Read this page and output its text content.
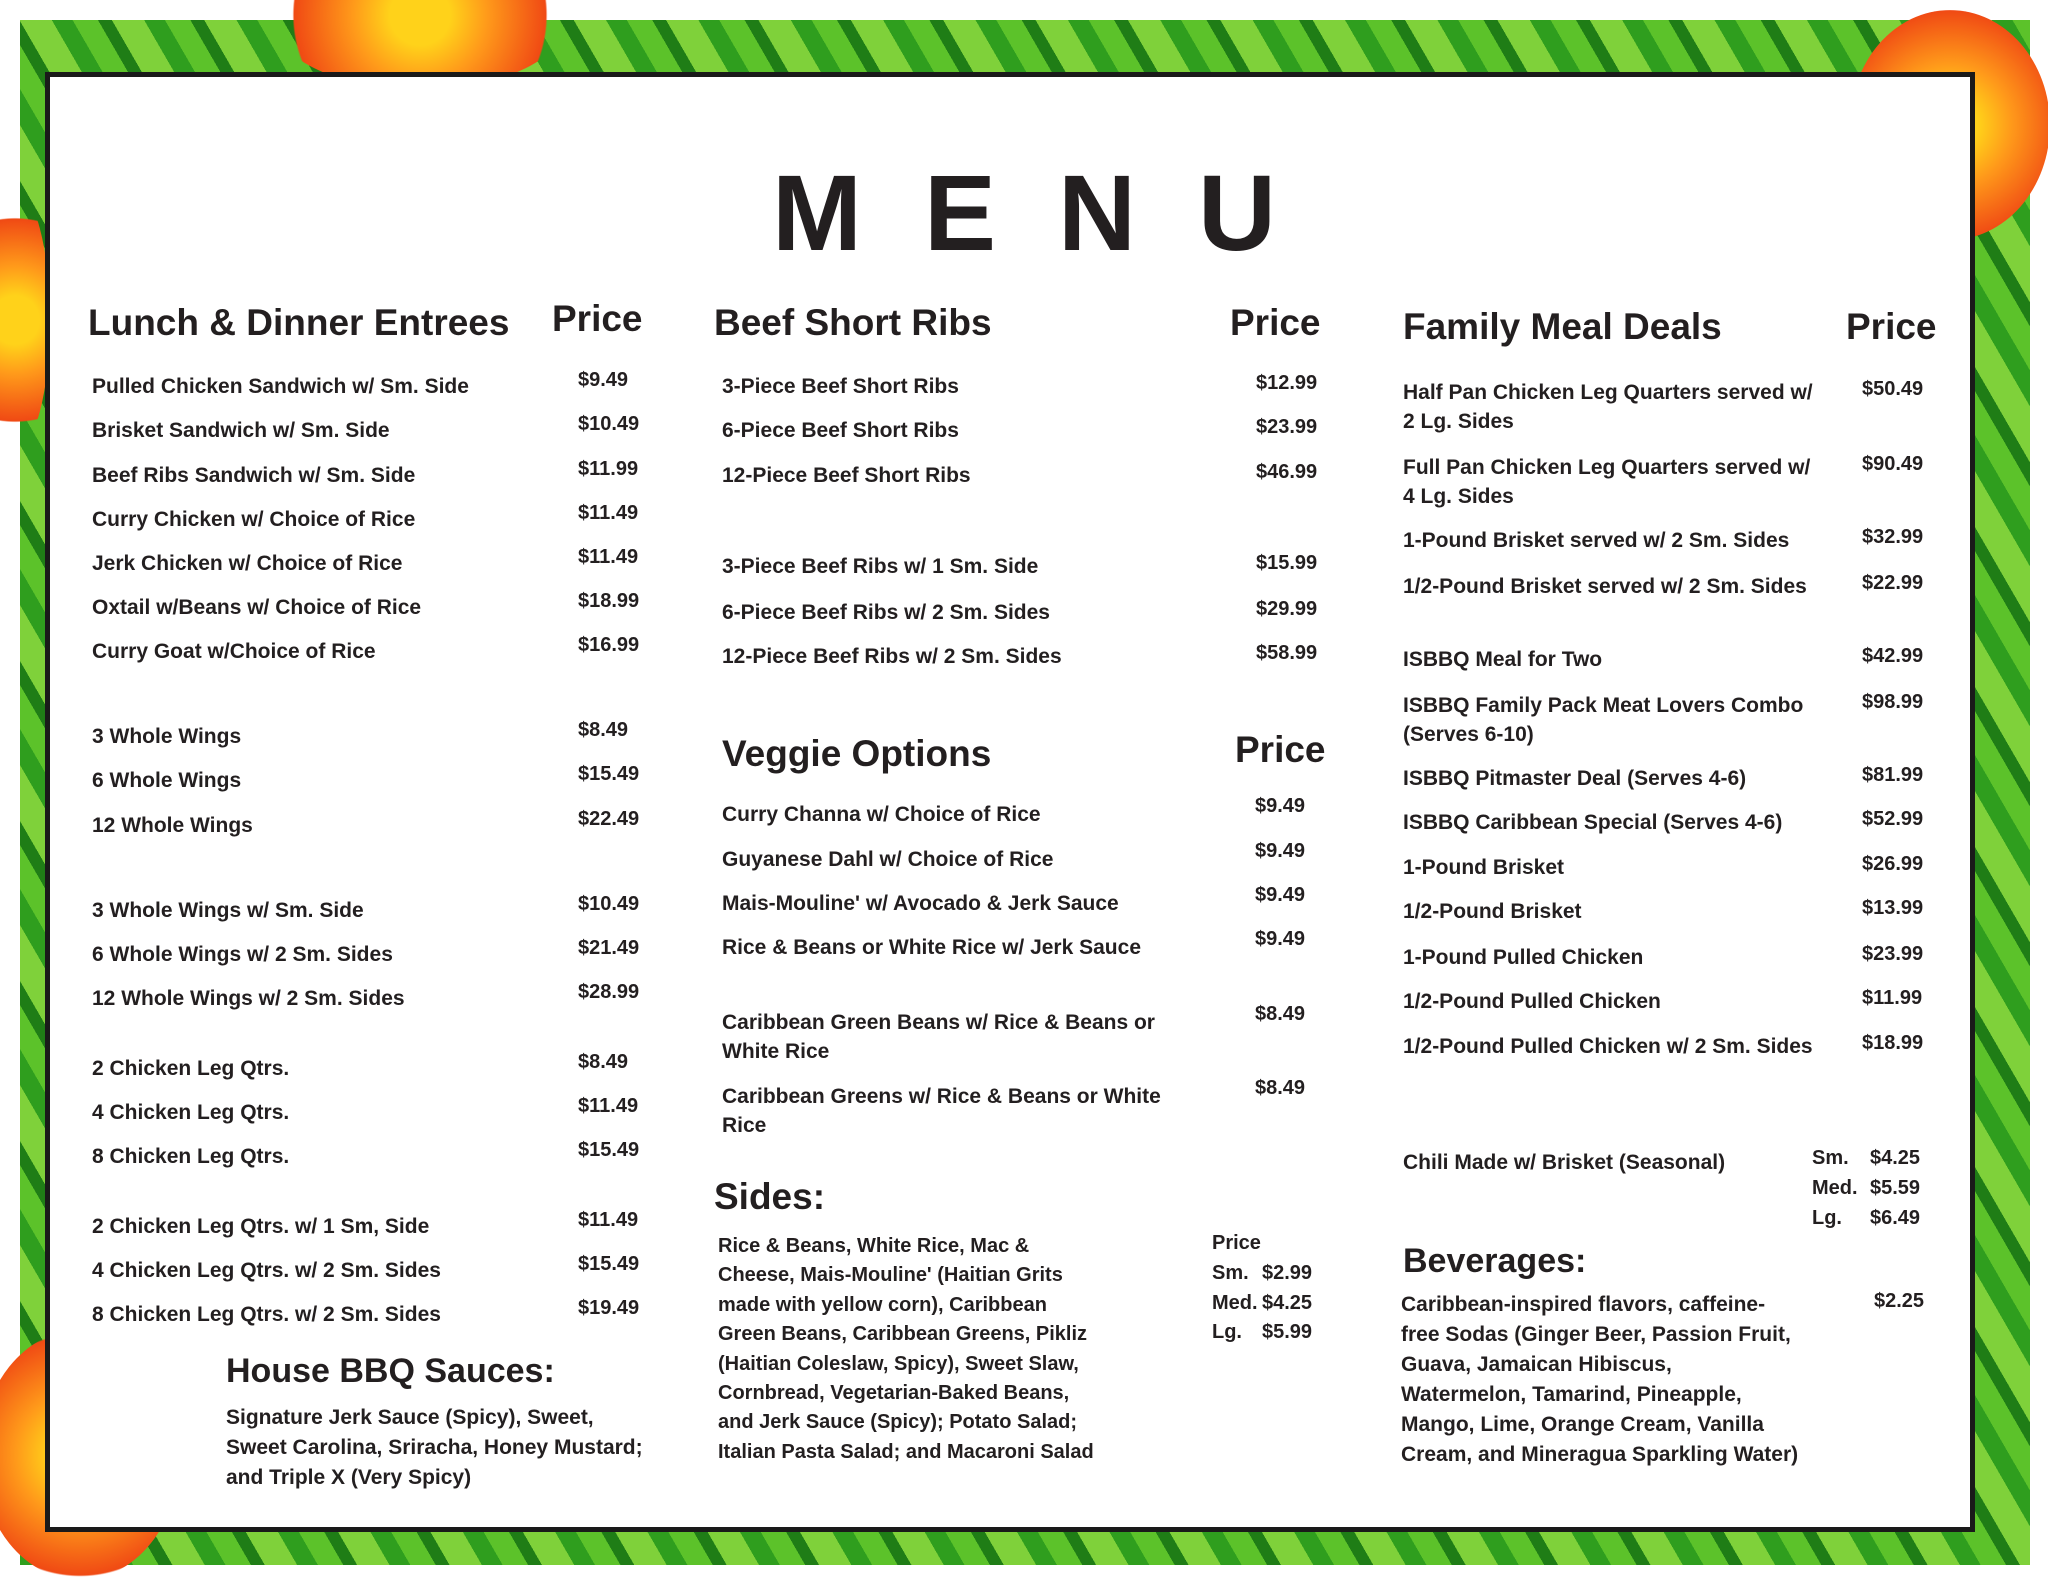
MENU
Lunch & Dinner Entrees Price
Pulled Chicken Sandwich w/ Sm. Side	$9.49
Brisket Sandwich w/ Sm. Side	$10.49
Beef Ribs Sandwich w/ Sm. Side	$11.99
Curry Chicken w/ Choice of Rice	$11.49
Jerk Chicken w/ Choice of Rice	$11.49
Oxtail w/Beans w/ Choice of Rice	$18.99
Curry Goat w/Choice of Rice	$16.99
3 Whole Wings	$8.49
6 Whole Wings	$15.49
12 Whole Wings	$22.49
3 Whole Wings w/ Sm. Side	$10.49
6 Whole Wings w/ 2 Sm. Sides	$21.49
12 Whole Wings w/ 2 Sm. Sides	$28.99
2 Chicken Leg Qtrs.	$8.49
4 Chicken Leg Qtrs.	$11.49
8 Chicken Leg Qtrs.	$15.49
2 Chicken Leg Qtrs. w/ 1 Sm, Side	$11.49
4 Chicken Leg Qtrs. w/ 2 Sm. Sides	$15.49
8 Chicken Leg Qtrs. w/ 2 Sm. Sides	$19.49
House BBQ Sauces:
Signature Jerk Sauce (Spicy), Sweet, Sweet Carolina, Sriracha, Honey Mustard; and Triple X (Very Spicy)
Beef Short Ribs	Price
3-Piece Beef Short Ribs	$12.99
6-Piece Beef Short Ribs	$23.99
12-Piece Beef Short Ribs	$46.99
3-Piece Beef Ribs w/ 1 Sm. Side	$15.99
6-Piece Beef Ribs w/ 2 Sm. Sides	$29.99
12-Piece Beef Ribs w/ 2 Sm. Sides	$58.99
Veggie Options	Price
Curry Channa w/ Choice of Rice	$9.49
Guyanese Dahl w/ Choice of Rice	$9.49
Mais-Mouline' w/ Avocado & Jerk Sauce	$9.49
Rice & Beans or White Rice w/ Jerk Sauce	$9.49
Caribbean Green Beans w/ Rice & Beans or White Rice
$8.49
Caribbean Greens w/ Rice & Beans or White Rice
$8.49
Sides:
Rice & Beans, White Rice, Mac & Cheese, Mais-Mouline' (Haitian Grits made with yellow corn), Caribbean Green Beans, Caribbean Greens, Pikliz (Haitian Coleslaw, Spicy), Sweet Slaw, Cornbread, Vegetarian-Baked Beans, and Jerk Sauce (Spicy); Potato Salad; Italian Pasta Salad; and Macaroni Salad
Price
Sm. $2.99
Med. $4.25
Lg. $5.99
Family Meal Deals	Price
Half Pan Chicken Leg Quarters served w/ 2 Lg. Sides
$50.49
Full Pan Chicken Leg Quarters served w/ 4 Lg. Sides
$90.49
1-Pound Brisket served w/ 2 Sm. Sides	$32.99
1/2-Pound Brisket served w/ 2 Sm. Sides	$22.99
ISBBQ Meal for Two	$42.99
ISBBQ Family Pack Meat Lovers Combo (Serves 6-10)
$98.99
ISBBQ Pitmaster Deal (Serves 4-6)	$81.99
ISBBQ Caribbean Special (Serves 4-6)	$52.99
1-Pound Brisket	$26.99
1/2-Pound Brisket	$13.99
1-Pound Pulled Chicken	$23.99
1/2-Pound Pulled Chicken	$11.99
1/2-Pound Pulled Chicken w/ 2 Sm. Sides	$18.99
Chili Made w/ Brisket (Seasonal)	Sm. $4.25
Med. $5.59
Lg. $6.49
Beverages:
Caribbean-inspired flavors, caffeine-free Sodas (Ginger Beer, Passion Fruit, Guava, Jamaican Hibiscus, Watermelon, Tamarind, Pineapple, Mango, Lime, Orange Cream, Vanilla Cream, and Mineragua Sparkling Water)
$2.25
